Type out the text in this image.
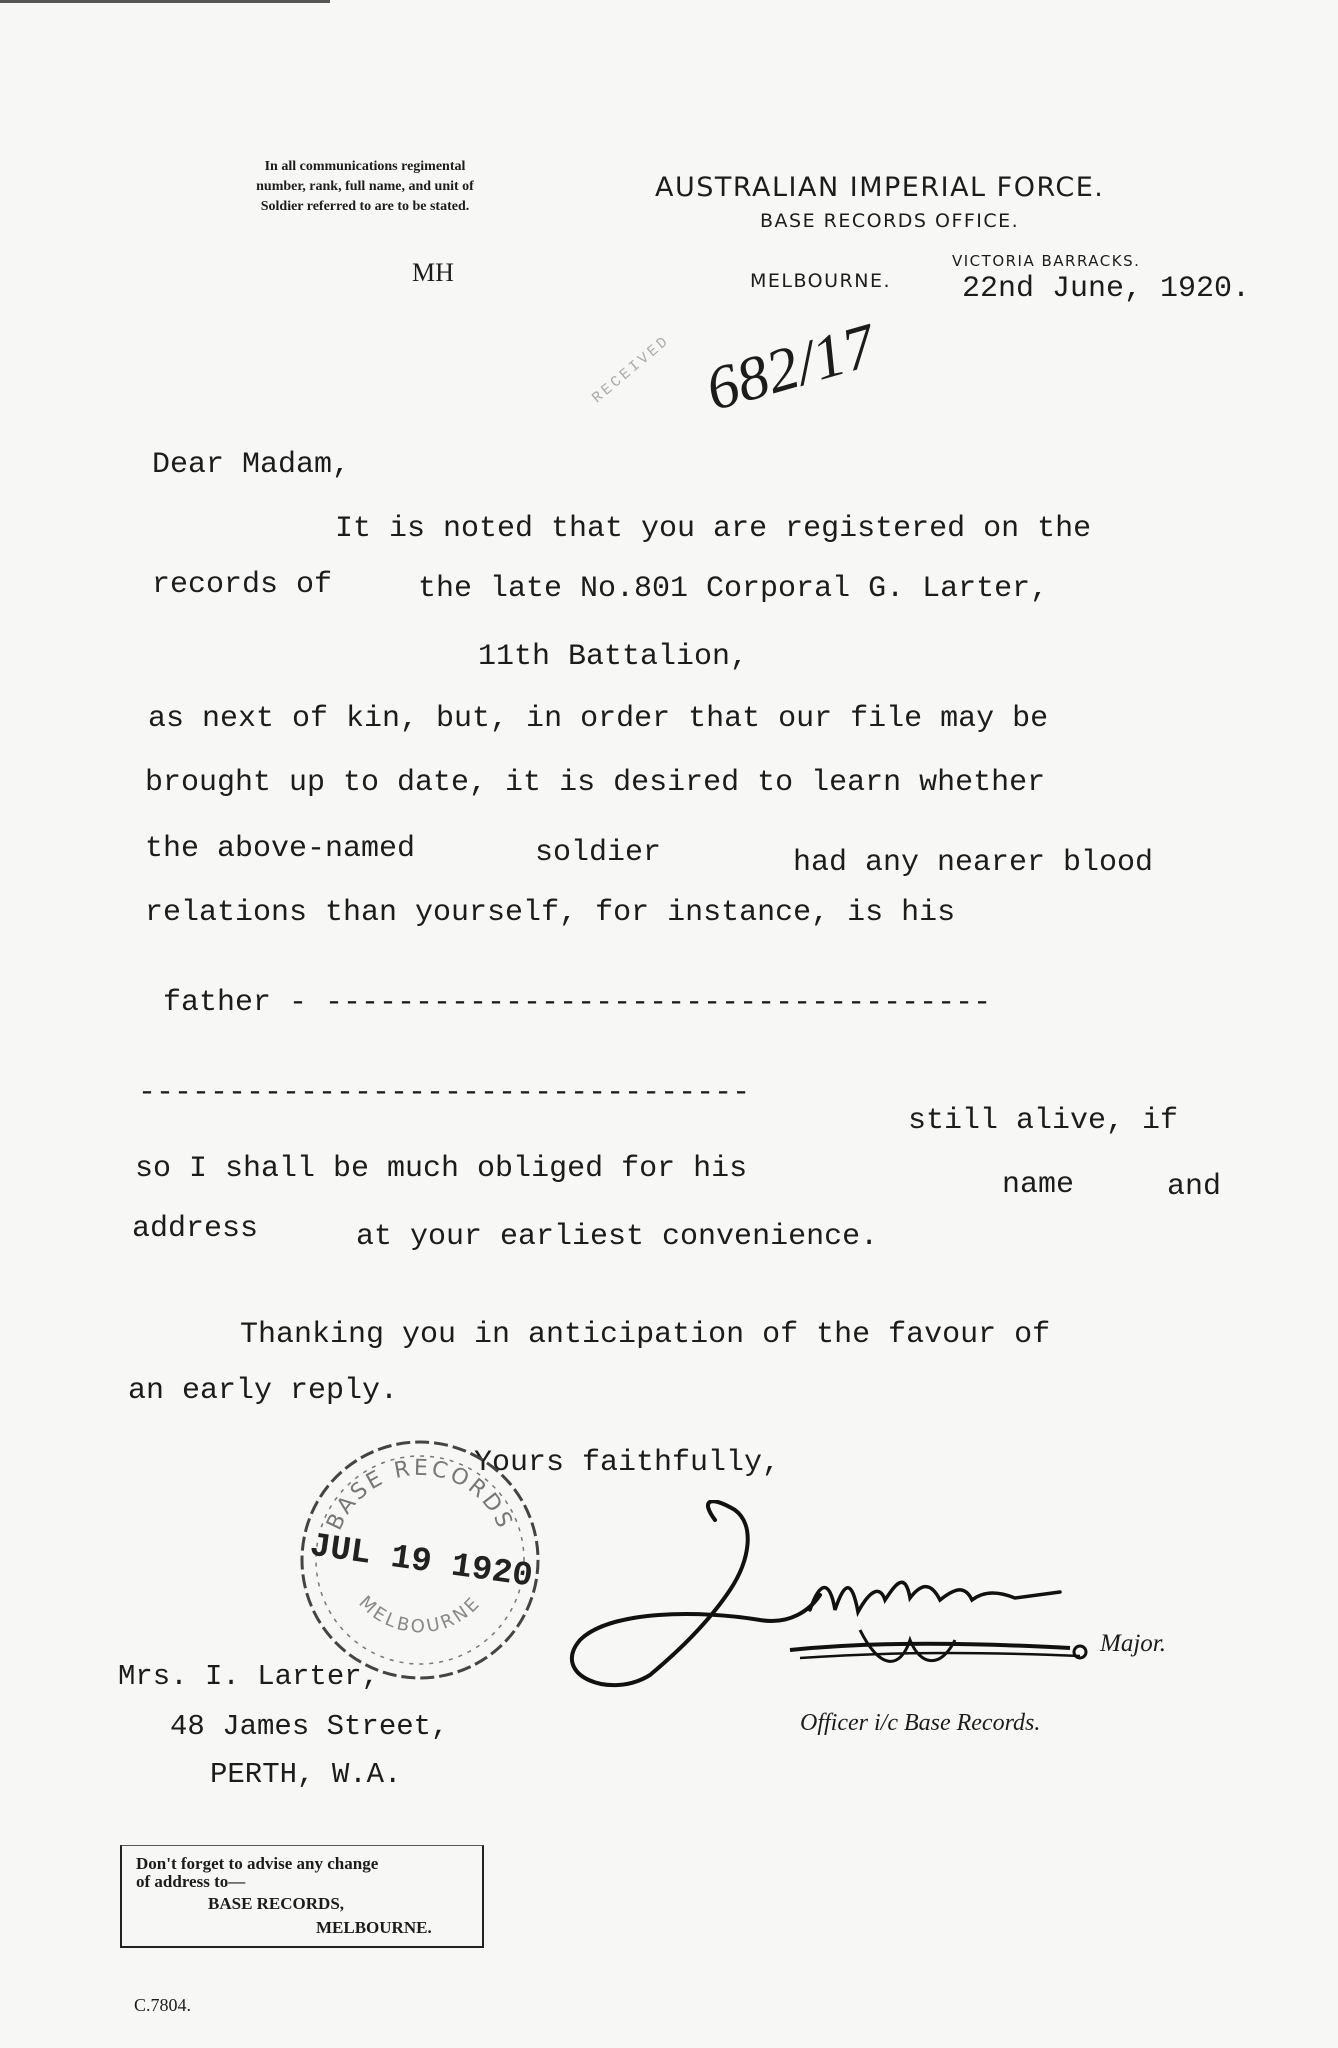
In all communications regimental
number, rank, full name, and unit of
Soldier referred to are to be stated.
MH
AUSTRALIAN IMPERIAL FORCE.
BASE RECORDS OFFICE.
VICTORIA BARRACKS.
MELBOURNE. 22nd June, 1920.
RECEIVED 682/17
Dear Madam,
It is noted that you are registered on the
records of	the late No.801 Corporal G. Larter,
11th Battalion,
as next of kin, but, in order that our file may be
brought up to date, it is desired to learn whether
the above-named	soldier	had any nearer blood
relations than yourself, for instance, is his
father - -------------------------------------
----------------------------------
still alive, if
so I shall be much obliged for his	name	and
address	at your earliest convenience.
Thanking you in anticipation of the favour of
an early reply.
Yours faithfully,
BASE RECORDS
JUL 19 1920
MELBOURNE
Major.
Officer i/c Base Records.
Mrs. I. Larter,
48 James Street,
PERTH, W.A.
Don't forget to advise any change
of address to—
BASE RECORDS,
MELBOURNE.
C.7804.
